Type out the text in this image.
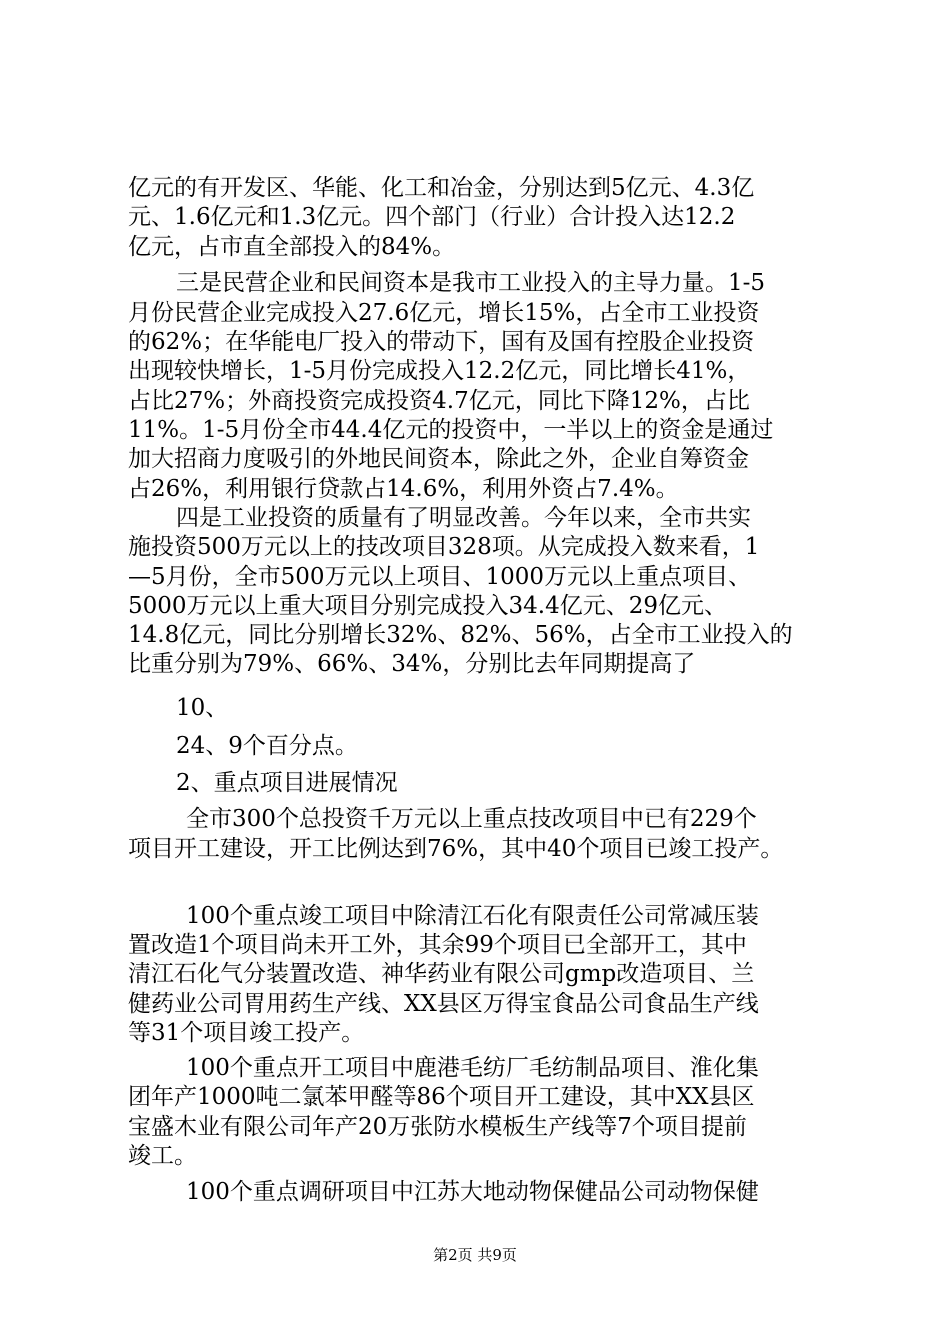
亿元的有开发区、华能、化工和冶金，分别达到5亿元、4.3亿
元、1.6亿元和1.3亿元。四个部门（行业）合计投入达12.2
亿元，占市直全部投入的84%。
三是民营企业和民间资本是我市工业投入的主导力量。1-5
月份民营企业完成投入27.6亿元，增长15%，占全市工业投资
的62%；在华能电厂投入的带动下，国有及国有控股企业投资
出现较快增长，1-5月份完成投入12.2亿元，同比增长41%，
占比27%；外商投资完成投资4.7亿元，同比下降12%，占比
11%。1-5月份全市44.4亿元的投资中，一半以上的资金是通过
加大招商力度吸引的外地民间资本，除此之外，企业自筹资金
占26%，利用银行贷款占14.6%，利用外资占7.4%。
四是工业投资的质量有了明显改善。今年以来，全市共实
施投资500万元以上的技改项目328项。从完成投入数来看，1
—5月份，全市500万元以上项目、1000万元以上重点项目、
5000万元以上重大项目分别完成投入34.4亿元、29亿元、
14.8亿元，同比分别增长32%、82%、56%，占全市工业投入的
比重分别为79%、66%、34%，分别比去年同期提高了
10、
24、9个百分点。
2、重点项目进展情况
全市300个总投资千万元以上重点技改项目中已有229个
项目开工建设，开工比例达到76%，其中40个项目已竣工投产。
100个重点竣工项目中除清江石化有限责任公司常减压装
置改造1个项目尚未开工外，其余99个项目已全部开工，其中
清江石化气分装置改造、神华药业有限公司gmp改造项目、兰
健药业公司胃用药生产线、XX县区万得宝食品公司食品生产线
等31个项目竣工投产。
100个重点开工项目中鹿港毛纺厂毛纺制品项目、淮化集
团年产1000吨二氯苯甲醛等86个项目开工建设，其中XX县区
宝盛木业有限公司年产20万张防水模板生产线等7个项目提前
竣工。
100个重点调研项目中江苏大地动物保健品公司动物保健
第2页 共9页
